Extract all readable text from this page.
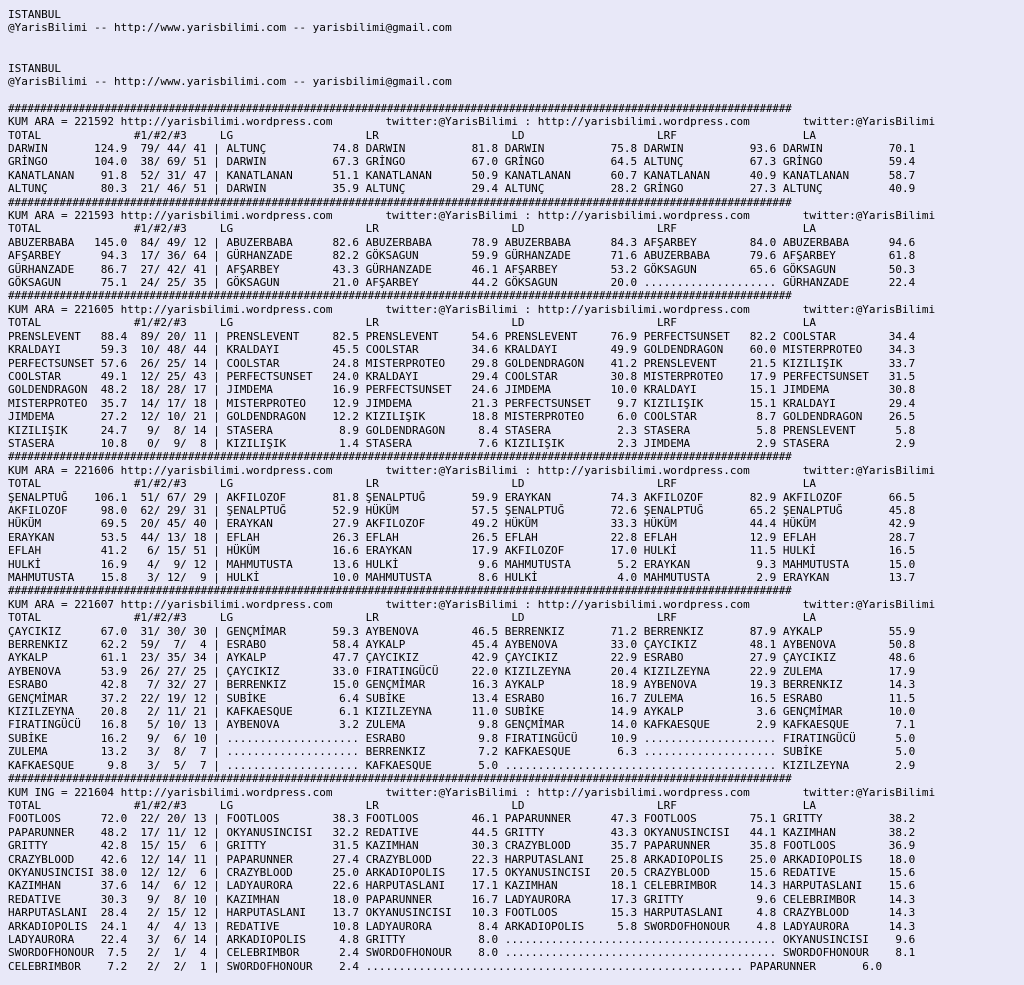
ISTANBUL
@YarisBilimi -- http://www.yarisbilimi.com -- yarisbilimi@gmail.com
ISTANBUL
@YarisBilimi -- http://www.yarisbilimi.com -- yarisbilimi@gmail.com
##########################################################################################################################
KUM ARA = 221592 http://yarisbilimi.wordpress.com        twitter:@YarisBilimi : http://yarisbilimi.wordpress.com        twitter:@YarisBilimi
TOTAL              #1/#2/#3     LG                    LR                    LD                    LRF                   LA
DARWIN       124.9  79/ 44/ 41 | ALTUNÇ          74.8 DARWIN          81.8 DARWIN          75.8 DARWIN          93.6 DARWIN          70.1
GRİNGO       104.0  38/ 69/ 51 | DARWIN          67.3 GRİNGO          67.0 GRİNGO          64.5 ALTUNÇ          67.3 GRİNGO          59.4
KANATLANAN    91.8  52/ 31/ 47 | KANATLANAN      51.1 KANATLANAN      50.9 KANATLANAN      60.7 KANATLANAN      40.9 KANATLANAN      58.7
ALTUNÇ        80.3  21/ 46/ 51 | DARWIN          35.9 ALTUNÇ          29.4 ALTUNÇ          28.2 GRİNGO          27.3 ALTUNÇ          40.9
##########################################################################################################################
KUM ARA = 221593 http://yarisbilimi.wordpress.com        twitter:@YarisBilimi : http://yarisbilimi.wordpress.com        twitter:@YarisBilimi
TOTAL              #1/#2/#3     LG                    LR                    LD                    LRF                   LA
ABUZERBABA   145.0  84/ 49/ 12 | ABUZERBABA      82.6 ABUZERBABA      78.9 ABUZERBABA      84.3 AFŞARBEY        84.0 ABUZERBABA      94.6
AFŞARBEY      94.3  17/ 36/ 64 | GÜRHANZADE      82.2 GÖKSAGUN        59.9 GÜRHANZADE      71.6 ABUZERBABA      79.6 AFŞARBEY        61.8
GÜRHANZADE    86.7  27/ 42/ 41 | AFŞARBEY        43.3 GÜRHANZADE      46.1 AFŞARBEY        53.2 GÖKSAGUN        65.6 GÖKSAGUN        50.3
GÖKSAGUN      75.1  24/ 25/ 35 | GÖKSAGUN        21.0 AFŞARBEY        44.2 GÖKSAGUN        20.0 .................... GÜRHANZADE      22.4
##########################################################################################################################
KUM ARA = 221605 http://yarisbilimi.wordpress.com        twitter:@YarisBilimi : http://yarisbilimi.wordpress.com        twitter:@YarisBilimi
TOTAL              #1/#2/#3     LG                    LR                    LD                    LRF                   LA
PRENSLEVENT   88.4  89/ 20/ 11 | PRENSLEVENT     82.5 PRENSLEVENT     54.6 PRENSLEVENT     76.9 PERFECTSUNSET   82.2 COOLSTAR        34.4
KRALDAYI      59.3  10/ 48/ 44 | KRALDAYI        45.5 COOLSTAR        34.6 KRALDAYI        49.9 GOLDENDRAGON    60.0 MISTERPROTEO    34.3
PERFECTSUNSET 57.6  26/ 25/ 14 | COOLSTAR        24.8 MISTERPROTEO    29.8 GOLDENDRAGON    41.2 PRENSLEVENT     21.5 KIZILIŞIK       33.7
COOLSTAR      49.1  12/ 25/ 43 | PERFECTSUNSET   24.0 KRALDAYI        29.4 COOLSTAR        30.8 MISTERPROTEO    17.9 PERFECTSUNSET   31.5
GOLDENDRAGON  48.2  18/ 28/ 17 | JIMDEMA         16.9 PERFECTSUNSET   24.6 JIMDEMA         10.0 KRALDAYI        15.1 JIMDEMA         30.8
MISTERPROTEO  35.7  14/ 17/ 18 | MISTERPROTEO    12.9 JIMDEMA         21.3 PERFECTSUNSET    9.7 KIZILIŞIK       15.1 KRALDAYI        29.4
JIMDEMA       27.2  12/ 10/ 21 | GOLDENDRAGON    12.2 KIZILIŞIK       18.8 MISTERPROTEO     6.0 COOLSTAR         8.7 GOLDENDRAGON    26.5
KIZILIŞIK     24.7   9/  8/ 14 | STASERA          8.9 GOLDENDRAGON     8.4 STASERA          2.3 STASERA          5.8 PRENSLEVENT      5.8
STASERA       10.8   0/  9/  8 | KIZILIŞIK        1.4 STASERA          7.6 KIZILIŞIK        2.3 JIMDEMA          2.9 STASERA          2.9
##########################################################################################################################
KUM ARA = 221606 http://yarisbilimi.wordpress.com        twitter:@YarisBilimi : http://yarisbilimi.wordpress.com        twitter:@YarisBilimi
TOTAL              #1/#2/#3     LG                    LR                    LD                    LRF                   LA
ŞENALPTUĞ    106.1  51/ 67/ 29 | AKFILOZOF       81.8 ŞENALPTUĞ       59.9 ERAYKAN         74.3 AKFILOZOF       82.9 AKFILOZOF       66.5
AKFILOZOF     98.0  62/ 29/ 31 | ŞENALPTUĞ       52.9 HÜKÜM           57.5 ŞENALPTUĞ       72.6 ŞENALPTUĞ       65.2 ŞENALPTUĞ       45.8
HÜKÜM         69.5  20/ 45/ 40 | ERAYKAN         27.9 AKFILOZOF       49.2 HÜKÜM           33.3 HÜKÜM           44.4 HÜKÜM           42.9
ERAYKAN       53.5  44/ 13/ 18 | EFLAH           26.3 EFLAH           26.5 EFLAH           22.8 EFLAH           12.9 EFLAH           28.7
EFLAH         41.2   6/ 15/ 51 | HÜKÜM           16.6 ERAYKAN         17.9 AKFILOZOF       17.0 HULKİ           11.5 HULKİ           16.5
HULKİ         16.9   4/  9/ 12 | MAHMUTUSTA      13.6 HULKİ            9.6 MAHMUTUSTA       5.2 ERAYKAN          9.3 MAHMUTUSTA      15.0
MAHMUTUSTA    15.8   3/ 12/  9 | HULKİ           10.0 MAHMUTUSTA       8.6 HULKİ            4.0 MAHMUTUSTA       2.9 ERAYKAN         13.7
##########################################################################################################################
KUM ARA = 221607 http://yarisbilimi.wordpress.com        twitter:@YarisBilimi : http://yarisbilimi.wordpress.com        twitter:@YarisBilimi
TOTAL              #1/#2/#3     LG                    LR                    LD                    LRF                   LA
ÇAYCIKIZ      67.0  31/ 30/ 30 | GENÇMİMAR       59.3 AYBENOVA        46.5 BERRENKIZ       71.2 BERRENKIZ       87.9 AYKALP          55.9
BERRENKIZ     62.2  59/  7/  4 | ESRABO          58.4 AYKALP          45.4 AYBENOVA        33.0 ÇAYCIKIZ        48.1 AYBENOVA        50.8
AYKALP        61.1  23/ 35/ 34 | AYKALP          47.7 ÇAYCIKIZ        42.9 ÇAYCIKIZ        22.9 ESRABO          27.9 ÇAYCIKIZ        48.6
AYBENOVA      53.9  26/ 27/ 25 | ÇAYCIKIZ        33.0 FIRATINGÜCÜ     22.0 KIZILZEYNA      20.4 KIZILZEYNA      22.9 ZULEMA          17.9
ESRABO        42.8   7/ 32/ 27 | BERRENKIZ       15.0 GENÇMİMAR       16.3 AYKALP          18.9 AYBENOVA        19.3 BERRENKIZ       14.3
GENÇMİMAR     37.2  22/ 19/ 12 | SUBİKE           6.4 SUBİKE          13.4 ESRABO          16.7 ZULEMA          16.5 ESRABO          11.5
KIZILZEYNA    20.8   2/ 11/ 21 | KAFKAESQUE       6.1 KIZILZEYNA      11.0 SUBİKE          14.9 AYKALP           3.6 GENÇMİMAR       10.0
FIRATINGÜCÜ   16.8   5/ 10/ 13 | AYBENOVA         3.2 ZULEMA           9.8 GENÇMİMAR       14.0 KAFKAESQUE       2.9 KAFKAESQUE       7.1
SUBİKE        16.2   9/  6/ 10 | .................... ESRABO           9.8 FIRATINGÜCÜ     10.9 .................... FIRATINGÜCÜ      5.0
ZULEMA        13.2   3/  8/  7 | .................... BERRENKIZ        7.2 KAFKAESQUE       6.3 .................... SUBİKE           5.0
KAFKAESQUE     9.8   3/  5/  7 | .................... KAFKAESQUE       5.0 ......................................... KIZILZEYNA       2.9
##########################################################################################################################
KUM ING = 221604 http://yarisbilimi.wordpress.com        twitter:@YarisBilimi : http://yarisbilimi.wordpress.com        twitter:@YarisBilimi
TOTAL              #1/#2/#3     LG                    LR                    LD                    LRF                   LA
FOOTLOOS      72.0  22/ 20/ 13 | FOOTLOOS        38.3 FOOTLOOS        46.1 PAPARUNNER      47.3 FOOTLOOS        75.1 GRITTY          38.2
PAPARUNNER    48.2  17/ 11/ 12 | OKYANUSINCISI   32.2 REDATIVE        44.5 GRITTY          43.3 OKYANUSINCISI   44.1 KAZIMHAN        38.2
GRITTY        42.8  15/ 15/  6 | GRITTY          31.5 KAZIMHAN        30.3 CRAZYBLOOD      35.7 PAPARUNNER      35.8 FOOTLOOS        36.9
CRAZYBLOOD    42.6  12/ 14/ 11 | PAPARUNNER      27.4 CRAZYBLOOD      22.3 HARPUTASLANI    25.8 ARKADIOPOLIS    25.0 ARKADIOPOLIS    18.0
OKYANUSINCISI 38.0  12/ 12/  6 | CRAZYBLOOD      25.0 ARKADIOPOLIS    17.5 OKYANUSINCISI   20.5 CRAZYBLOOD      15.6 REDATIVE        15.6
KAZIMHAN      37.6  14/  6/ 12 | LADYAURORA      22.6 HARPUTASLANI    17.1 KAZIMHAN        18.1 CELEBRIMBOR     14.3 HARPUTASLANI    15.6
REDATIVE      30.3   9/  8/ 10 | KAZIMHAN        18.0 PAPARUNNER      16.7 LADYAURORA      17.3 GRITTY           9.6 CELEBRIMBOR     14.3
HARPUTASLANI  28.4   2/ 15/ 12 | HARPUTASLANI    13.7 OKYANUSINCISI   10.3 FOOTLOOS        15.3 HARPUTASLANI     4.8 CRAZYBLOOD      14.3
ARKADIOPOLIS  24.1   4/  4/ 13 | REDATIVE        10.8 LADYAURORA       8.4 ARKADIOPOLIS     5.8 SWORDOFHONOUR    4.8 LADYAURORA      14.3
LADYAURORA    22.4   3/  6/ 14 | ARKADIOPOLIS     4.8 GRITTY           8.0 ......................................... OKYANUSINCISI    9.6
SWORDOFHONOUR  7.5   2/  1/  4 | CELEBRIMBOR      2.4 SWORDOFHONOUR    8.0 ......................................... SWORDOFHONOUR    8.1
CELEBRIMBOR    7.2   2/  2/  1 | SWORDOFHONOUR    2.4 ......................................................... PAPARUNNER       6.0
